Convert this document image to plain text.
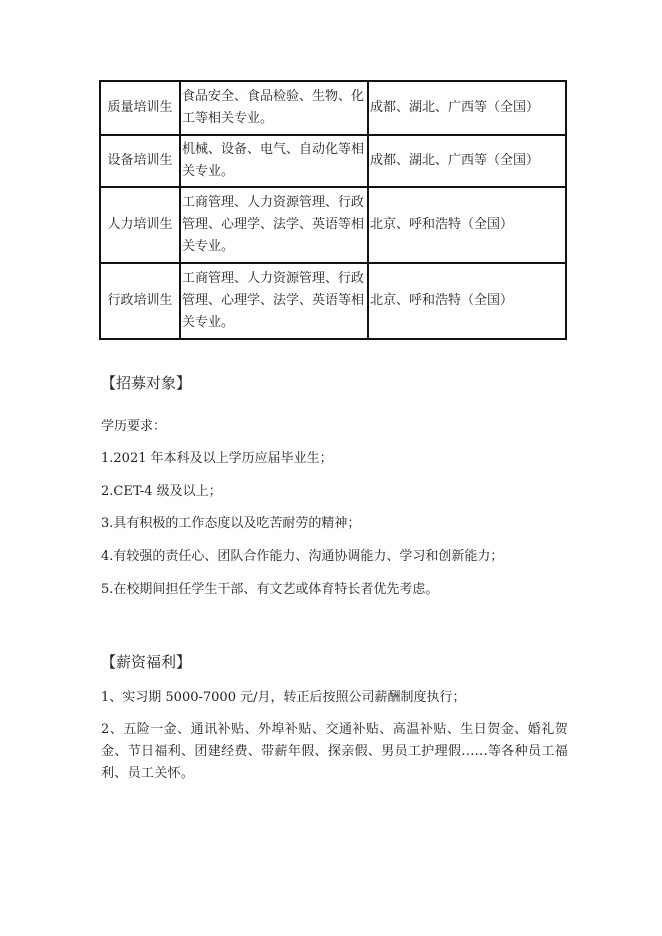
质量培训生	食品安全、食品检验、生物、化工等相关专业。	成都、湖北、广西等（全国）
设备培训生	机械、设备、电气、自动化等相关专业。	成都、湖北、广西等（全国）
人力培训生	工商管理、人力资源管理、行政管理、心理学、法学、英语等相关专业。	北京、呼和浩特（全国）
行政培训生	工商管理、人力资源管理、行政管理、心理学、法学、英语等相关专业。	北京、呼和浩特（全国）
【招募对象】
学历要求：
1.2021 年本科及以上学历应届毕业生；
2.CET-4 级及以上；
3.具有积极的工作态度以及吃苦耐劳的精神；
4.有较强的责任心、团队合作能力、沟通协调能力、学习和创新能力；
5.在校期间担任学生干部、有文艺或体育特长者优先考虑。
【薪资福利】
1、实习期 5000-7000 元/月，转正后按照公司薪酬制度执行；
2、五险一金、通讯补贴、外埠补贴、交通补贴、高温补贴、生日贺金、婚礼贺金、节日福利、团建经费、带薪年假、探亲假、男员工护理假......等各种员工福利、员工关怀。
